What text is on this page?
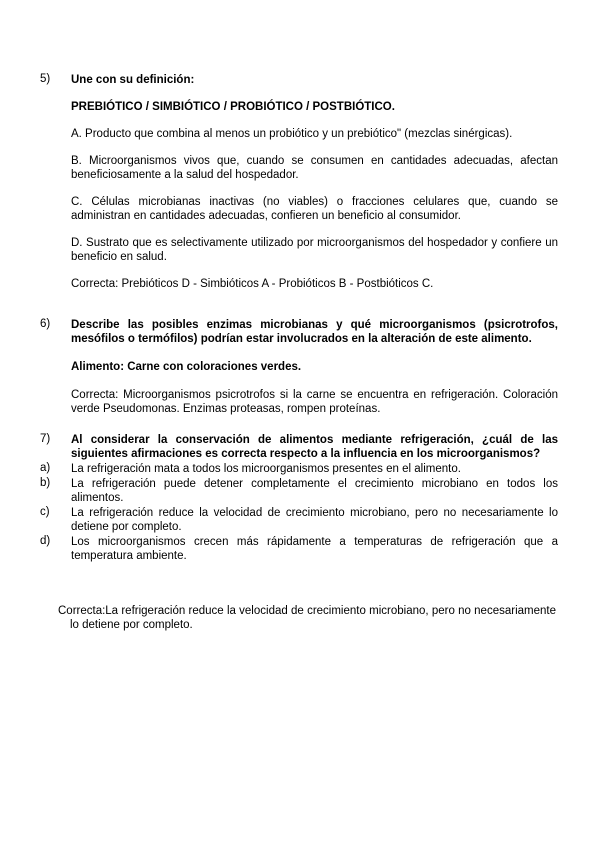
5)	Une con su definición:

PREBIÓTICO / SIMBIÓTICO / PROBIÓTICO / POSTBIÓTICO.

A. Producto que combina al menos un probiótico y un prebiótico" (mezclas sinérgicas).

B. Microorganismos vivos que, cuando se consumen en cantidades adecuadas, afectan beneficiosamente a la salud del hospedador.

C. Células microbianas inactivas (no viables) o fracciones celulares que, cuando se administran en cantidades adecuadas, confieren un beneficio al consumidor.

D. Sustrato que es selectivamente utilizado por microorganismos del hospedador y confiere un beneficio en salud.

Correcta: Prebióticos D - Simbióticos A - Probióticos B - Postbióticos C.

6)	Describe las posibles enzimas microbianas y qué microorganismos (psicrotrofos, mesófilos o termófilos) podrían estar involucrados en la alteración de este alimento.

Alimento: Carne con coloraciones verdes.

Correcta: Microorganismos psicrotrofos si la carne se encuentra en refrigeración. Coloración verde Pseudomonas. Enzimas proteasas, rompen proteínas.

7)	Al considerar la conservación de alimentos mediante refrigeración, ¿cuál de las siguientes afirmaciones es correcta respecto a la influencia en los microorganismos?

a) La refrigeración mata a todos los microorganismos presentes en el alimento.

b) La refrigeración puede detener completamente el crecimiento microbiano en todos los alimentos.

c) La refrigeración reduce la velocidad de crecimiento microbiano, pero no necesariamente lo detiene por completo.

d) Los microorganismos crecen más rápidamente a temperaturas de refrigeración que a temperatura ambiente.

Correcta:La refrigeración reduce la velocidad de crecimiento microbiano, pero no necesariamente lo detiene por completo.
